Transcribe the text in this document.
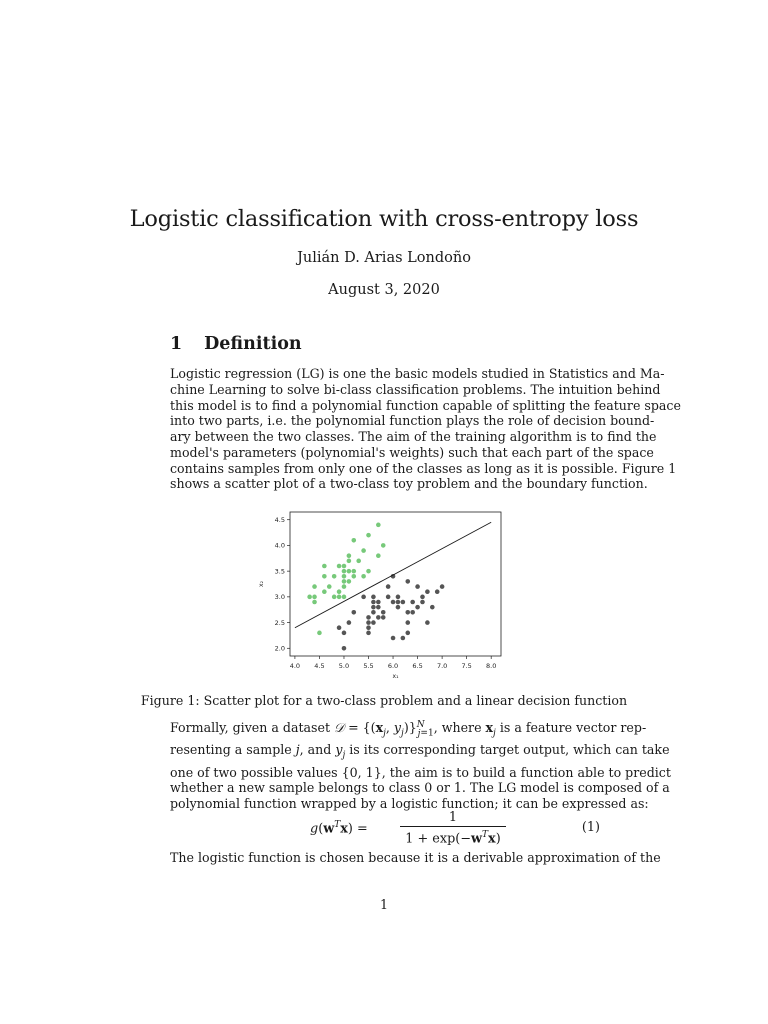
Logistic classification with cross-entropy loss
Julián D. Arias Londoño
August 3, 2020
1 Definition
Logistic regression (LG) is one the basic models studied in Statistics and Ma-
chine Learning to solve bi-class classification problems. The intuition behind
this model is to find a polynomial function capable of splitting the feature space
into two parts, i.e. the polynomial function plays the role of decision bound-
ary between the two classes. The aim of the training algorithm is to find the
model's parameters (polynomial's weights) such that each part of the space
contains samples from only one of the classes as long as it is possible. Figure 1
shows a scatter plot of a two-class toy problem and the boundary function.
4.0 4.5 5.0 5.5 6.0 6.5 7.0 7.5 8.0
2.0
2.5
3.0
3.5
4.0
4.5
x₁
x₂
Figure 1: Scatter plot for a two-class problem and a linear decision function
Formally, given a dataset 𝒟 = {($x_j$, $y_j)\}^N_{j=1}$, where $x_j$ is a feature vector rep-
resenting a sample j, and $y_j$ is its corresponding target output, which can take
one of two possible values {0, 1}, the aim is to build a function able to predict
whether a new sample belongs to class 0 or 1. The LG model is composed of a
polynomial function wrapped by a logistic function; it can be expressed as:
$g(w^Tx)$ =
1
$1 + \exp(-w^Tx)$
(1)
The logistic function is chosen because it is a derivable approximation of the
1
